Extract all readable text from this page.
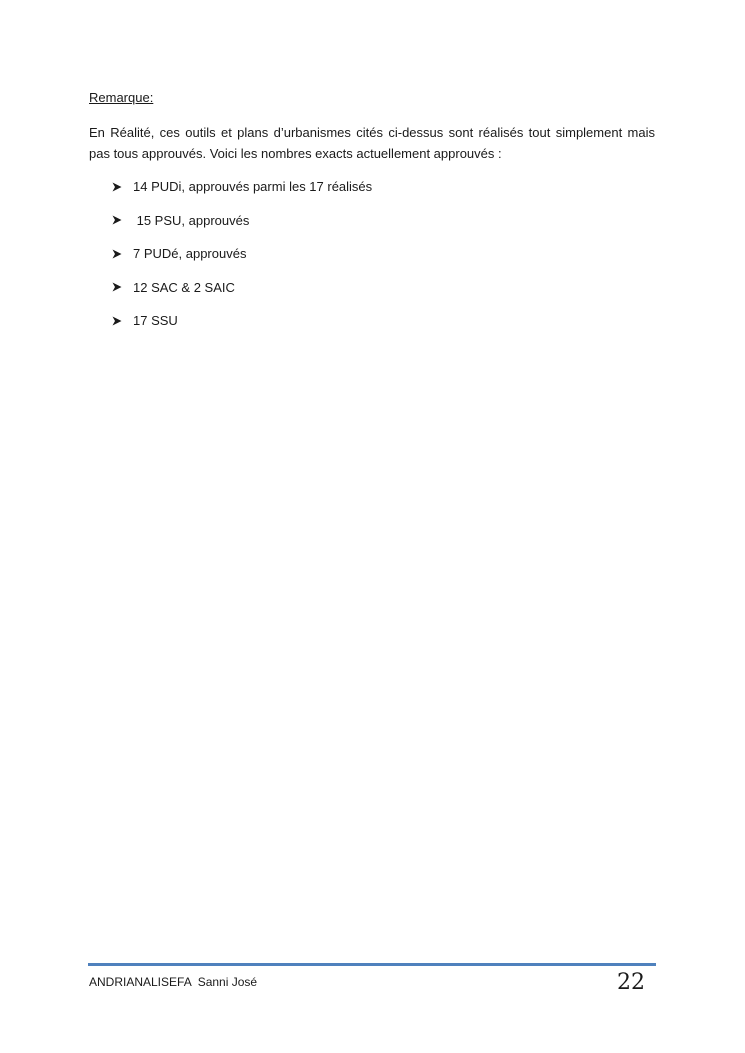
Remarque:
En Réalité, ces outils et plans d’urbanismes cités ci-dessus sont réalisés tout simplement mais pas tous approuvés. Voici les nombres exacts actuellement approuvés :
14 PUDi, approuvés parmi les 17 réalisés
15 PSU, approuvés
7 PUDé, approuvés
12 SAC & 2 SAIC
17 SSU
ANDRIANALISEFA  Sanni José	22
